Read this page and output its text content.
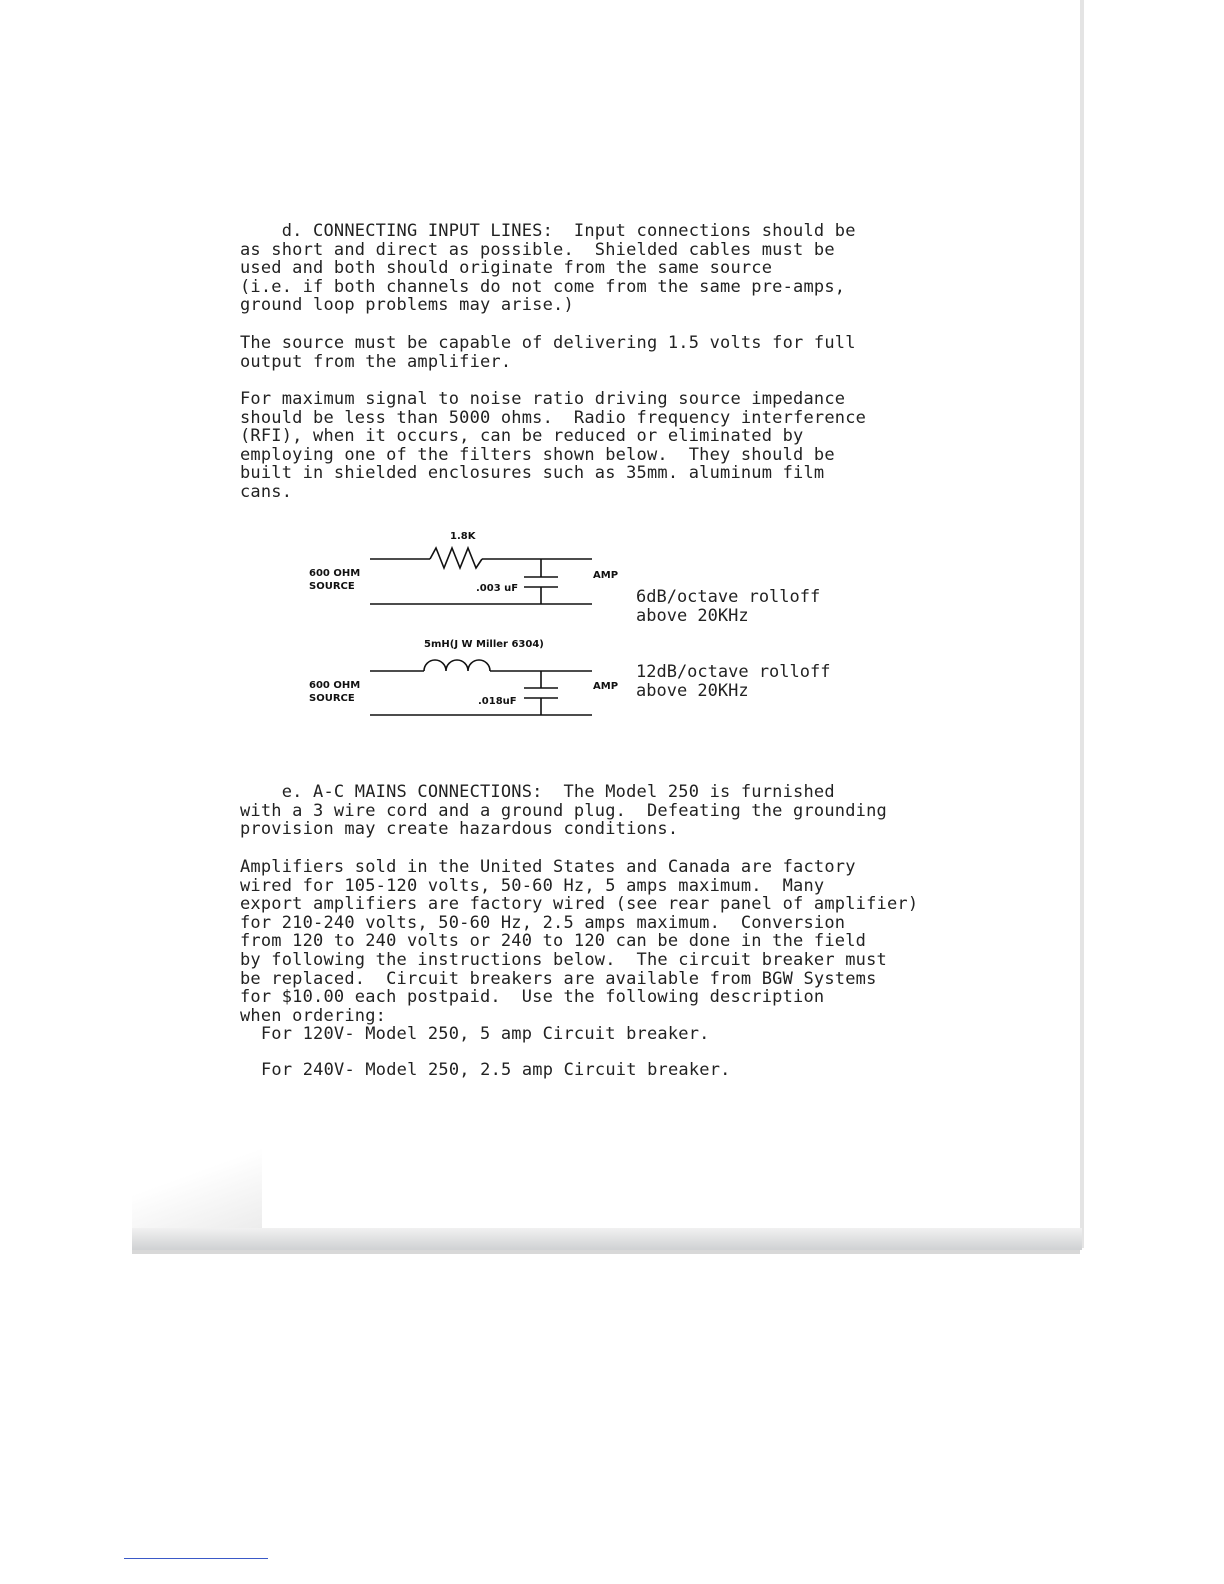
d. CONNECTING INPUT LINES:  Input connections should be
as short and direct as possible.  Shielded cables must be
used and both should originate from the same source
(i.e. if both channels do not come from the same pre-amps,
ground loop problems may arise.)

The source must be capable of delivering 1.5 volts for full
output from the amplifier.

For maximum signal to noise ratio driving source impedance
should be less than 5000 ohms.  Radio frequency interference
(RFI), when it occurs, can be reduced or eliminated by
employing one of the filters shown below.  They should be
built in shielded enclosures such as 35mm. aluminum film
cans.

1.8K
600 OHM
SOURCE	.003 uF
AMP
6dB/octave rolloff
above 20KHz
5mH(J W Miller 6304)
600 OHM
SOURCE	.018uF
AMP
12dB/octave rolloff
above 20KHz

e. A-C MAINS CONNECTIONS:  The Model 250 is furnished
with a 3 wire cord and a ground plug.  Defeating the grounding
provision may create hazardous conditions.

Amplifiers sold in the United States and Canada are factory
wired for 105-120 volts, 50-60 Hz, 5 amps maximum.  Many
export amplifiers are factory wired (see rear panel of amplifier)
for 210-240 volts, 50-60 Hz, 2.5 amps maximum.  Conversion
from 120 to 240 volts or 240 to 120 can be done in the field
by following the instructions below.  The circuit breaker must
be replaced.  Circuit breakers are available from BGW Systems
for $10.00 each postpaid.  Use the following description
when ordering:
For 120V- Model 250, 5 amp Circuit breaker.

For 240V- Model 250, 2.5 amp Circuit breaker.
